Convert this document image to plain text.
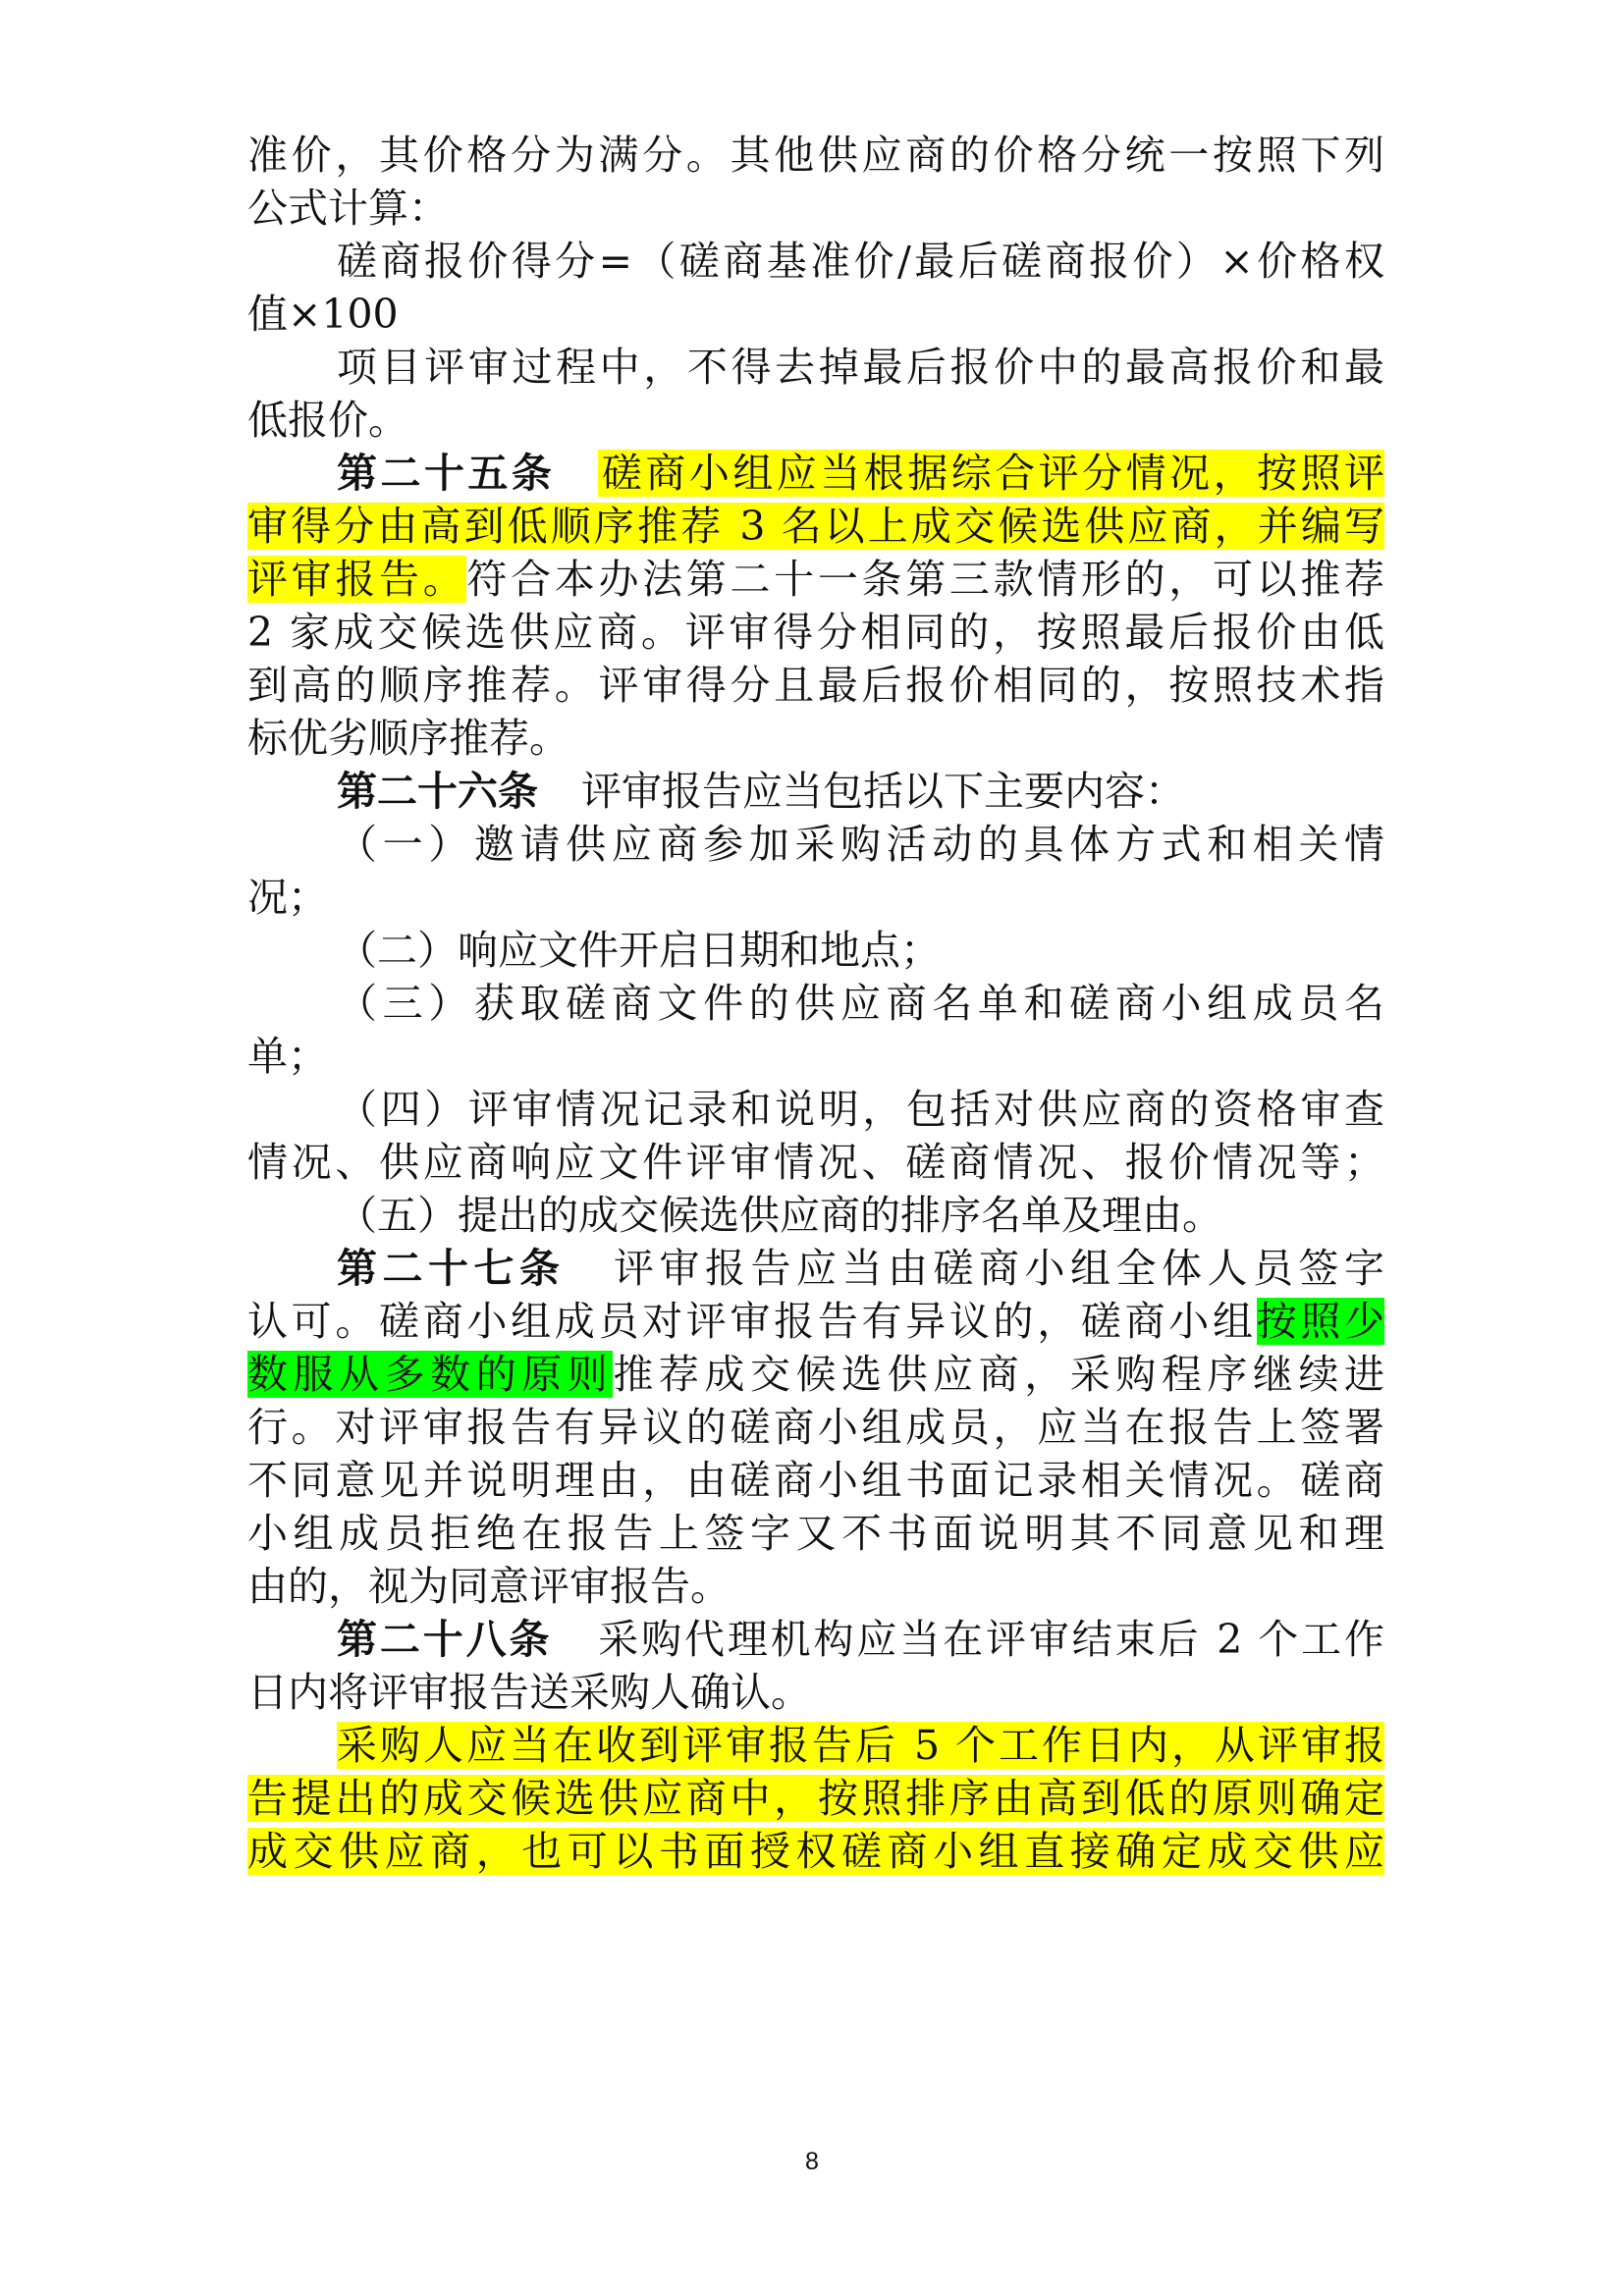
准价，其价格分为满分。其他供应商的价格分统一按照下列
公式计算：
磋商报价得分=（磋商基准价/最后磋商报价）×价格权
值×100
项目评审过程中，不得去掉最后报价中的最高报价和最
低报价。
第二十五条 磋商小组应当根据综合评分情况，按照评
审得分由高到低顺序推荐 3 名以上成交候选供应商，并编写
评审报告。符合本办法第二十一条第三款情形的，可以推荐
2 家成交候选供应商。评审得分相同的，按照最后报价由低
到高的顺序推荐。评审得分且最后报价相同的，按照技术指
标优劣顺序推荐。
第二十六条 评审报告应当包括以下主要内容：
（一）邀请供应商参加采购活动的具体方式和相关情
况；
（二）响应文件开启日期和地点；
（三）获取磋商文件的供应商名单和磋商小组成员名
单；
（四）评审情况记录和说明，包括对供应商的资格审查
情况、供应商响应文件评审情况、磋商情况、报价情况等；
（五）提出的成交候选供应商的排序名单及理由。
第二十七条 评审报告应当由磋商小组全体人员签字
认可。磋商小组成员对评审报告有异议的，磋商小组按照少
数服从多数的原则推荐成交候选供应商，采购程序继续进
行。对评审报告有异议的磋商小组成员，应当在报告上签署
不同意见并说明理由，由磋商小组书面记录相关情况。磋商
小组成员拒绝在报告上签字又不书面说明其不同意见和理
由的，视为同意评审报告。
第二十八条 采购代理机构应当在评审结束后 2 个工作
日内将评审报告送采购人确认。
采购人应当在收到评审报告后 5 个工作日内，从评审报
告提出的成交候选供应商中，按照排序由高到低的原则确定
成交供应商，也可以书面授权磋商小组直接确定成交供应
8
